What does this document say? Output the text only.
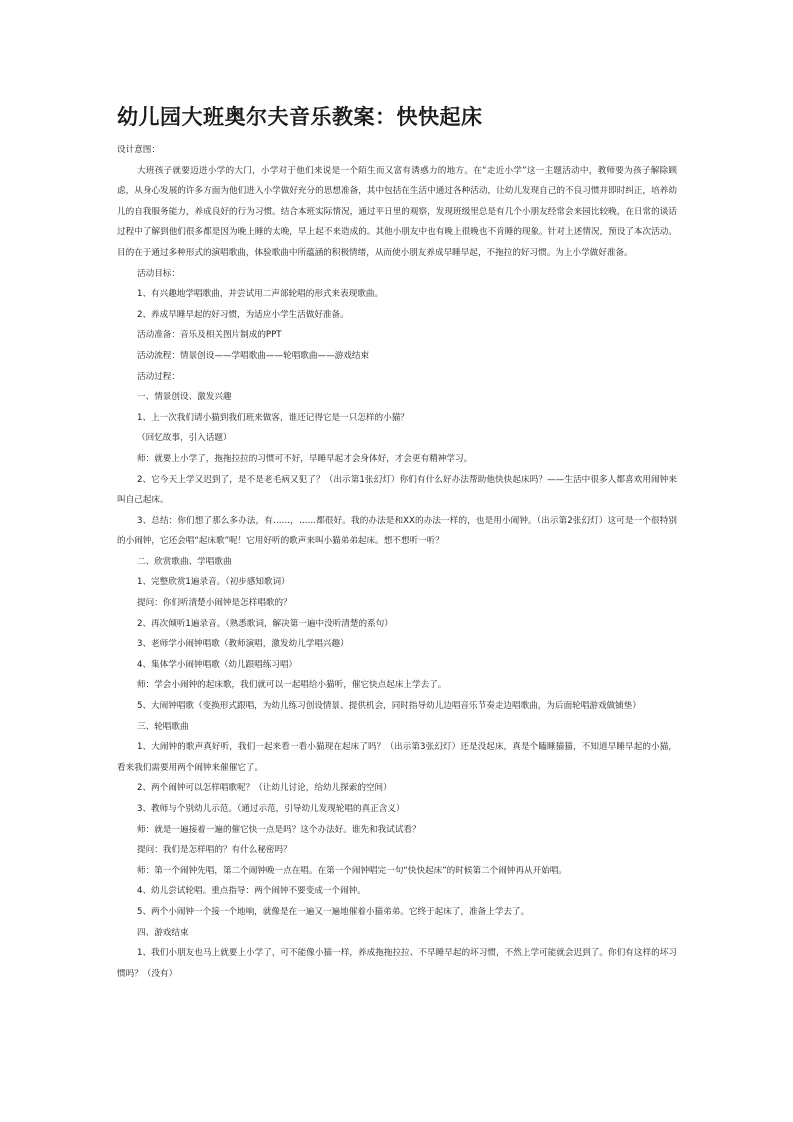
幼儿园大班奥尔夫音乐教案：快快起床

设计意图：

大班孩子就要迈进小学的大门，小学对于他们来说是一个陌生而又富有诱惑力的地方。在“走近小学”这一主题活动中，教师要为孩子解除顾虑，从身心发展的许多方面为他们进入小学做好充分的思想准备，其中包括在生活中通过各种活动，让幼儿发现自己的不良习惯并即时纠正，培养幼儿的自我服务能力，养成良好的行为习惯。结合本班实际情况，通过平日里的观察，发现班级里总是有几个小朋友经常会来园比较晚，在日常的谈话过程中了解到他们很多都是因为晚上睡的太晚，早上起不来造成的。其他小朋友中也有晚上很晚也不肯睡的现象。针对上述情况，预设了本次活动。目的在于通过多种形式的演唱歌曲，体验歌曲中所蕴涵的积极情绪，从而使小朋友养成早睡早起，不拖拉的好习惯。为上小学做好准备。

活动目标：

1、有兴趣地学唱歌曲，并尝试用二声部轮唱的形式来表现歌曲。

2、养成早睡早起的好习惯，为适应小学生活做好准备。

活动准备：音乐及相关图片制成的PPT

活动流程：情景创设——学唱歌曲——轮唱歌曲——游戏结束

活动过程：

一、情景创设、激发兴趣

1、上一次我们请小猫到我们班来做客，谁还记得它是一只怎样的小猫？

（回忆故事，引入话题）

师：就要上小学了，拖拖拉拉的习惯可不好，早睡早起才会身体好，才会更有精神学习。

2、它今天上学又迟到了，是不是老毛病又犯了？（出示第1张幻灯）你们有什么好办法帮助他快快起床吗？——生活中很多人都喜欢用闹钟来叫自己起床。

3、总结：你们想了那么多办法，有……，……都很好。我的办法是和XX的办法一样的，也是用小闹钟。（出示第2张幻灯）这可是一个很特别的小闹钟，它还会唱“起床歌”呢！它用好听的歌声来叫小猫弟弟起床。想不想听一听？

二、欣赏歌曲、学唱歌曲

1、完整欣赏1遍录音。（初步感知歌词）

提问：你们听清楚小闹钟是怎样唱歌的？

2、再次倾听1遍录音。（熟悉歌词，解决第一遍中没听清楚的系句）

3、老师学小闹钟唱歌（教师演唱，激发幼儿学唱兴趣）

4、集体学小闹钟唱歌（幼儿跟唱练习唱）

师：学会小闹钟的起床歌，我们就可以一起唱给小猫听，催它快点起床上学去了。

5、大闹钟唱歌（变换形式跟唱，为幼儿练习创设情景、提供机会，同时指导幼儿边唱音乐节奏走边唱歌曲，为后面轮唱游戏做铺垫）

三、轮唱歌曲

1、大闹钟的歌声真好听，我们一起来看一看小猫现在起床了吗？（出示第3张幻灯）还是没起床，真是个瞌睡猫猫，不知道早睡早起的小猫，看来我们需要用两个闹钟来催催它了。

2、两个闹钟可以怎样唱歌呢？（让幼儿讨论，给幼儿探索的空间）

3、教师与个别幼儿示范。（通过示范，引导幼儿发现轮唱的真正含义）

师：就是一遍接着一遍的催它快一点是吗？这个办法好。谁先和我试试看？

提问：我们是怎样唱的？有什么秘密吗？

师：第一个闹钟先唱，第二个闹钟晚一点在唱。在第一个闹钟唱完一句“快快起床”的时候第二个闹钟再从开始唱。

4、幼儿尝试轮唱。重点指导：两个闹钟不要变成一个闹钟。

5、两个小闹钟一个接一个地响，就像是在一遍又一遍地催着小猫弟弟。它终于起床了，准备上学去了。

四、游戏结束

1、我们小朋友也马上就要上小学了，可不能像小猫一样，养成拖拖拉拉、不早睡早起的坏习惯，不然上学可能就会迟到了。你们有这样的坏习惯吗？（没有）
